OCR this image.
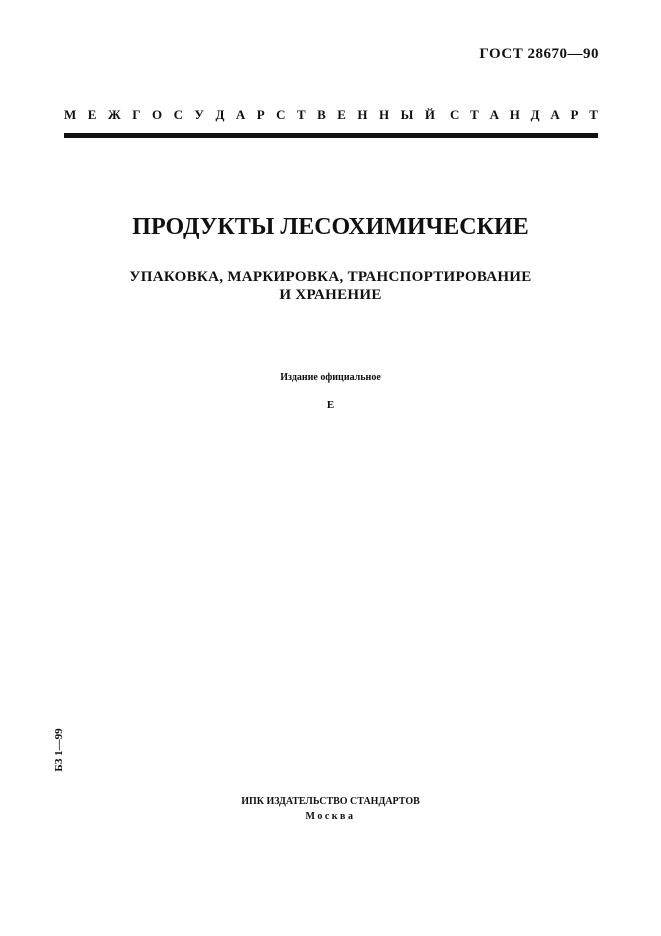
ГОСТ 28670—90
М Е Ж Г О С У Д А Р С Т В Е Н Н Ы Й С Т А Н Д А Р Т
ПРОДУКТЫ ЛЕСОХИМИЧЕСКИЕ
УПАКОВКА, МАРКИРОВКА, ТРАНСПОРТИРОВАНИЕ
И ХРАНЕНИЕ
Издание официальное
Е
БЗ 1—99
ИПК ИЗДАТЕЛЬСТВО СТАНДАРТОВ
Москва
